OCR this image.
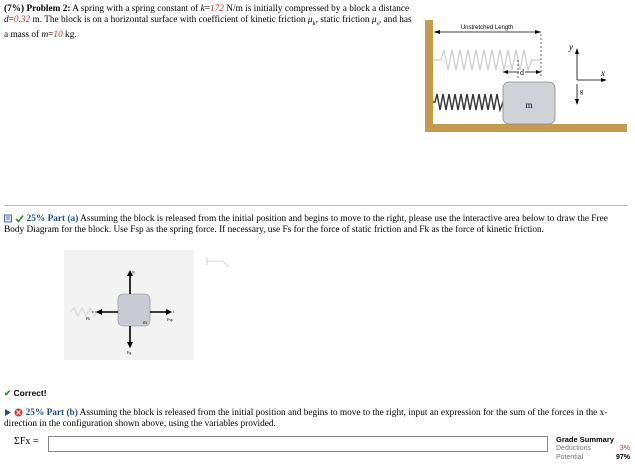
(7%) Problem 2: A spring with a spring constant of k=172 N/m is initially compressed by a block a distance d=0.32 m. The block is on a horizontal surface with coefficient of kinetic friction $\mu_k$, static friction $\mu_s$, and has a mass of m=10 kg.
Unstretched Length
d
m
y
x
g
25% Part (a) Assuming the block is released from the initial position and begins to move to the right, please use the interactive area below to draw the Free Body Diagram for the block. Use Fsp as the spring force. If necessary, use Fs for the force of static friction and Fk as the force of kinetic friction.
m
N
Fk	Fsp
Fg
✔ Correct!
25% Part (b) Assuming the block is released from the initial position and begins to move to the right, input an expression for the sum of the forces in the x-direction in the configuration shown above, using the variables provided.
ΣFx =	Grade Summary
Deductions	3%
Potential	97%
